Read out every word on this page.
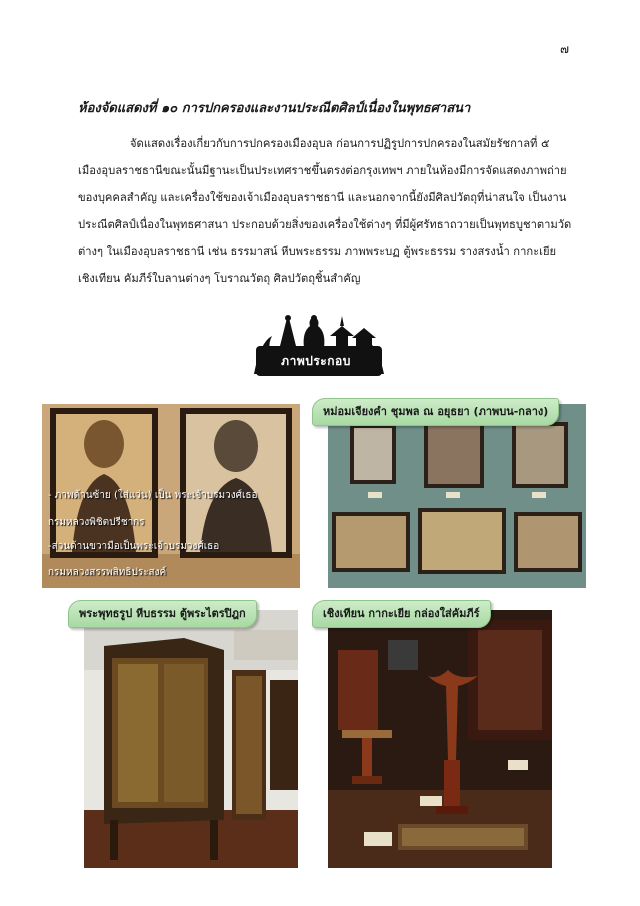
๗
ห้องจัดแสดงที่ ๑๐ การปกครองและงานประณีตศิลป์เนื่องในพุทธศาสนา
จัดแสดงเรื่องเกี่ยวกับการปกครองเมืองอุบล ก่อนการปฏิรูปการปกครองในสมัยรัชกาลที่ ๕
เมืองอุบลราชธานีขณะนั้นมีฐานะเป็นประเทศราชขึ้นตรงต่อกรุงเทพฯ ภายในห้องมีการจัดแสดงภาพถ่าย
ของบุคคลสำคัญ และเครื่องใช้ของเจ้าเมืองอุบลราชธานี และนอกจากนี้ยังมีศิลปวัตถุที่น่าสนใจ เป็นงาน
ประณีตศิลป์เนื่องในพุทธศาสนา ประกอบด้วยสิ่งของเครื่องใช้ต่างๆ ที่มีผู้ศรัทธาถวายเป็นพุทธบูชาตามวัด
ต่างๆ ในเมืองอุบลราชธานี เช่น ธรรมาสน์ หีบพระธรรม ภาพพระบฏ ตู้พระธรรม รางสรงน้ำ กากะเยีย
เชิงเทียน คัมภีร์ใบลานต่างๆ โบราณวัตถุ ศิลปวัตถุชิ้นสำคัญ
ภาพประกอบ
- ภาพด้านซ้าย (ใส่แว่น) เป็น พระเจ้าบรมวงศ์เธอ
กรมหลวงพิชิตปรีชากร
-ส่วนด้านขวามือเป็นพระเจ้าบรมวงศ์เธอ
กรมหลวงสรรพสิทธิประสงค์
หม่อมเจียงคำ ชุมพล ณ อยุธยา (ภาพบน-กลาง)
พระพุทธรูป หีบธรรม ตู้พระไตรปิฎก	เชิงเทียน กากะเยีย กล่องใส่คัมภีร์
